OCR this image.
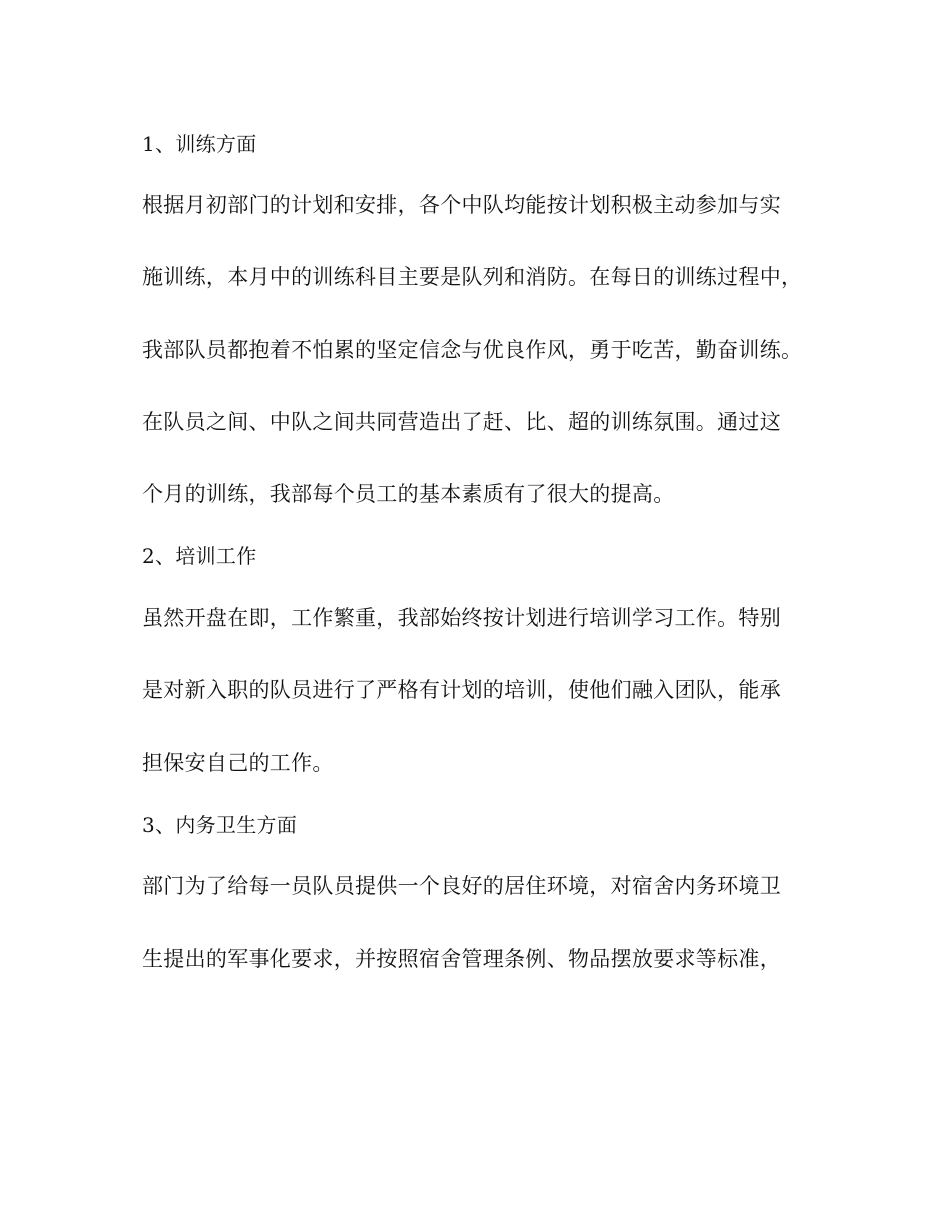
1、训练方面
根据月初部门的计划和安排，各个中队均能按计划积极主动参加与实
施训练，本月中的训练科目主要是队列和消防。在每日的训练过程中，
我部队员都抱着不怕累的坚定信念与优良作风，勇于吃苦，勤奋训练。
在队员之间、中队之间共同营造出了赶、比、超的训练氛围。通过这
个月的训练，我部每个员工的基本素质有了很大的提高。
2、培训工作
虽然开盘在即，工作繁重，我部始终按计划进行培训学习工作。特别
是对新入职的队员进行了严格有计划的培训，使他们融入团队，能承
担保安自己的工作。
3、内务卫生方面
部门为了给每一员队员提供一个良好的居住环境，对宿舍内务环境卫
生提出的军事化要求，并按照宿舍管理条例、物品摆放要求等标准，
